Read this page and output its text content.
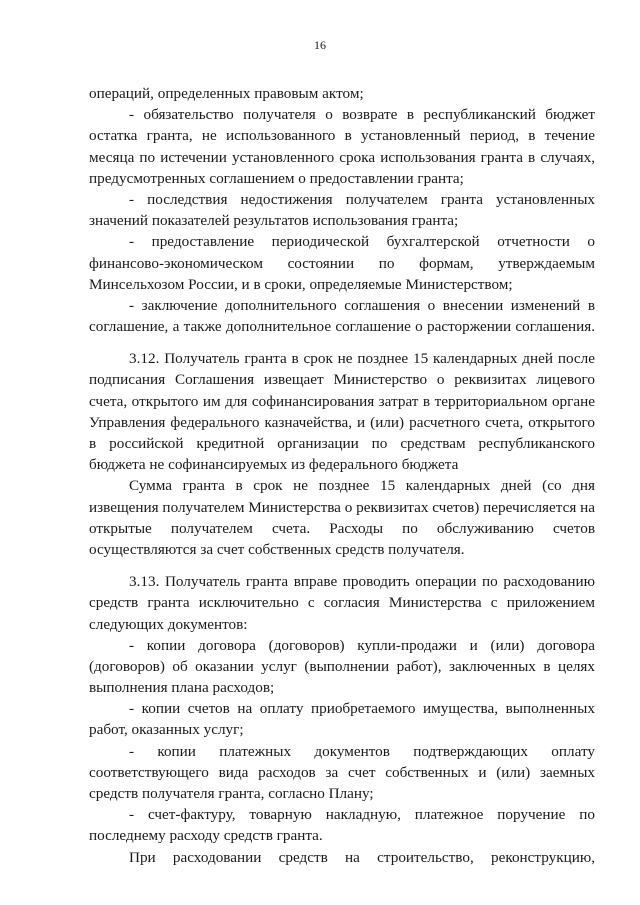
16
операций, определенных правовым актом;
- обязательство получателя о возврате в республиканский бюджет
остатка гранта, не использованного в установленный период, в течение
месяца по истечении установленного срока использования гранта в случаях,
предусмотренных соглашением о предоставлении гранта;
- последствия недостижения получателем гранта установленных
значений показателей результатов использования гранта;
- предоставление периодической бухгалтерской отчетности о
финансово-экономическом состоянии по формам, утверждаемым
Минсельхозом России, и в сроки, определяемые Министерством;
- заключение дополнительного соглашения о внесении изменений в
соглашение, а также дополнительное соглашение о расторжении соглашения.
3.12. Получатель гранта в срок не позднее 15 календарных дней после
подписания Соглашения извещает Министерство о реквизитах лицевого
счета, открытого им для софинансирования затрат в территориальном органе
Управления федерального казначейства, и (или) расчетного счета, открытого
в российской кредитной организации по средствам республиканского
бюджета не софинансируемых из федерального бюджета
Сумма гранта в срок не позднее 15 календарных дней (со дня
извещения получателем Министерства о реквизитах счетов) перечисляется на
открытые получателем счета. Расходы по обслуживанию счетов
осуществляются за счет собственных средств получателя.
3.13. Получатель гранта вправе проводить операции по расходованию
средств гранта исключительно с согласия Министерства с приложением
следующих документов:
- копии договора (договоров) купли-продажи и (или) договора
(договоров) об оказании услуг (выполнении работ), заключенных в целях
выполнения плана расходов;
- копии счетов на оплату приобретаемого имущества, выполненных
работ, оказанных услуг;
- копии платежных документов подтверждающих оплату
соответствующего вида расходов за счет собственных и (или) заемных
средств получателя гранта, согласно Плану;
- счет-фактуру, товарную накладную, платежное поручение по
последнему расходу средств гранта.
При расходовании средств на строительство, реконструкцию,
